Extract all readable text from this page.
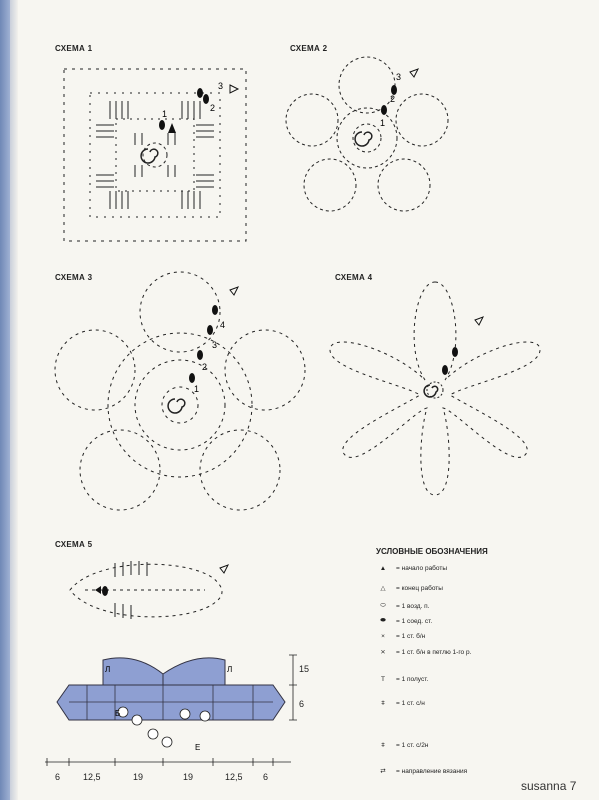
СХЕМА 1	СХЕМА 2
СХЕМА 3	СХЕМА 4
СХЕМА 5
3
2
1
3
2
1
4
3
2
1
Л	Л
Б
Е
15
6
6	12,5	19	19	12,5 6
УСЛОВНЫЕ ОБОЗНАЧЕНИЯ
▲	= начало работы
△	= конец работы
⬭	= 1 возд. п.
⬬	= 1 соед. ст.
×	= 1 ст. б/н
⨯	= 1 ст. б/н в петлю 1-го р.
T	= 1 полуст.
ǂ	= 1 ст. с/н
ǂ	= 1 ст. с/2н
⇄	= направление вязания
susanna 7
